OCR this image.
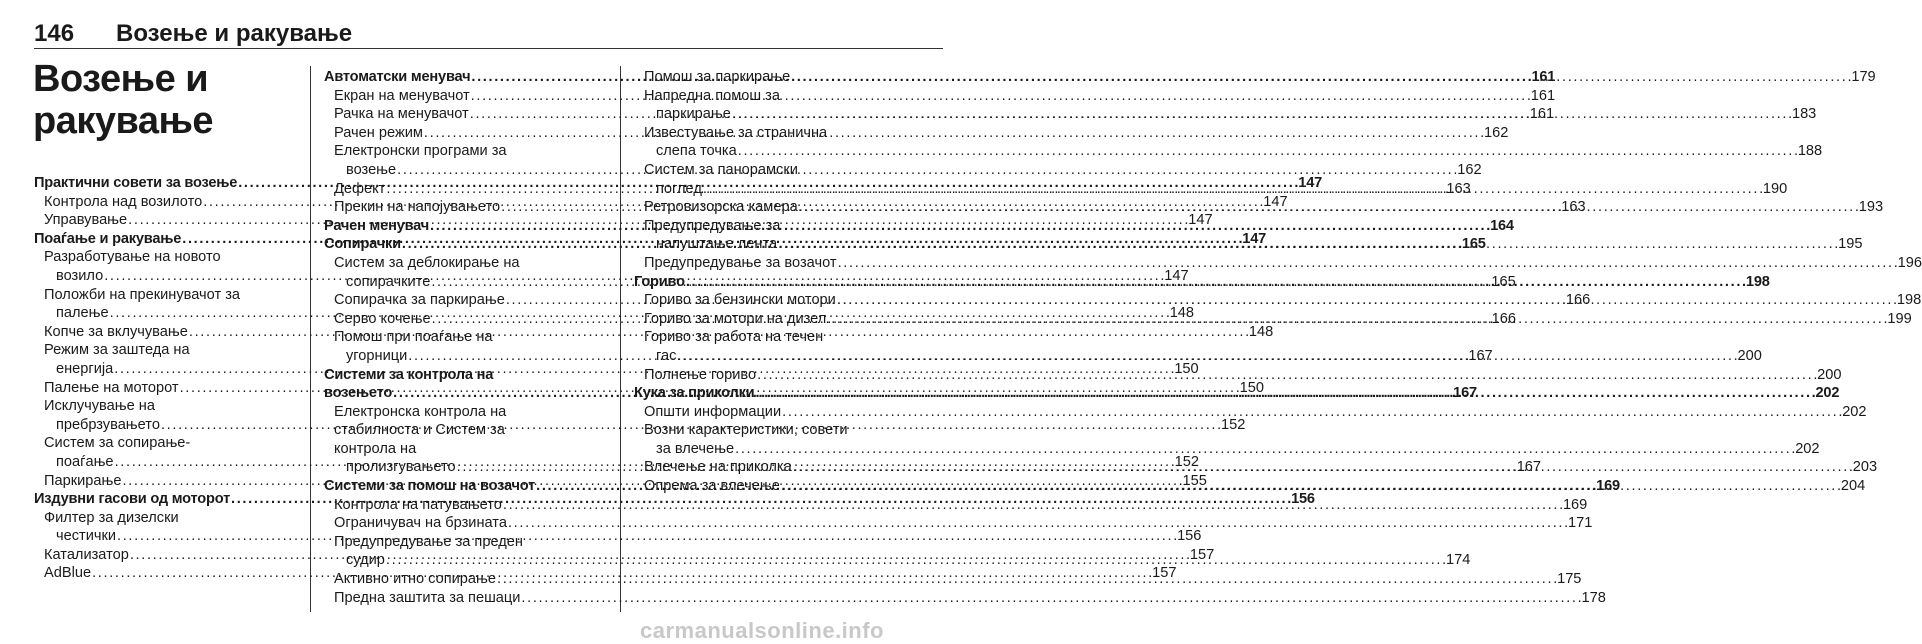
146	Возење и ракување
Возење и ракување
Практични совети за возење . . .	147
Контрола над возилото . . .	147
Управување . . .	147
Поаѓање и ракување . . .	147
Разработување на новото
возило . . .	147
Положби на прекинувачот за
палење . . .	148
Копче за вклучување . . .	148
Режим за заштеда на
енергија . . .	150
Палење на моторот . . .	150
Исклучување на
пребрзувањето . . .	152
Систем за сопирање-
поаѓање . . .	152
Паркирање . . .	155
Издувни гасови од моторот . . .	156
Филтер за дизелски
честички . . .	156
Катализатор . . .	157
AdBlue . . .	157
Автоматски менувач . . .	161
Екран на менувачот . . .	161
Рачка на менувачот . . .	161
Рачен режим . . .	162
Електронски програми за
возење . . .	162
Дефект . . .	163
Прекин на напојувањето . . .	163
Рачен менувач . . .	164
Сопирачки . . .	165
Систем за деблокирање на
сопирачките . . .	165
Сопирачка за паркирање . . .	166
Серво кочење . . .	166
Помош при поаѓање на
угорници . . .	167
Системи за контрола на
возењето . . .	167
Електронска контрола на
стабилноста и Систем за
контрола на
пролизгувањето . . .	167
Системи за помош на возачот . . .	169
Контрола на патувањето . . .	169
Ограничувач на брзината . . .	171
Предупредување за преден
судир . . .	174
Активно итно сопирање . . .	175
Предна заштита за пешаци . . .	178
Помош за паркирање . . .	179
Напредна помош за
паркирање . . .	183
Известување за странична
слепа точка . . .	188
Систем за панорамски
поглед . . .	190
Ретровизорска камера . . .	193
Предупредување за
напуштање лента . . .	195
Предупредување за возачот . . .	196
Гориво . . .	198
Гориво за бензински мотори . . .	198
Гориво за мотори на дизел . . .	199
Гориво за работа на течен
гас . . .	200
Полнење гориво . . .	200
Кука за приколки . . .	202
Општи информации . . .	202
Возни карактеристики, совети
за влечење . . .	202
Влечење на приколка . . .	203
Опрема за влечење . . .	204
carmanualsonline.info
